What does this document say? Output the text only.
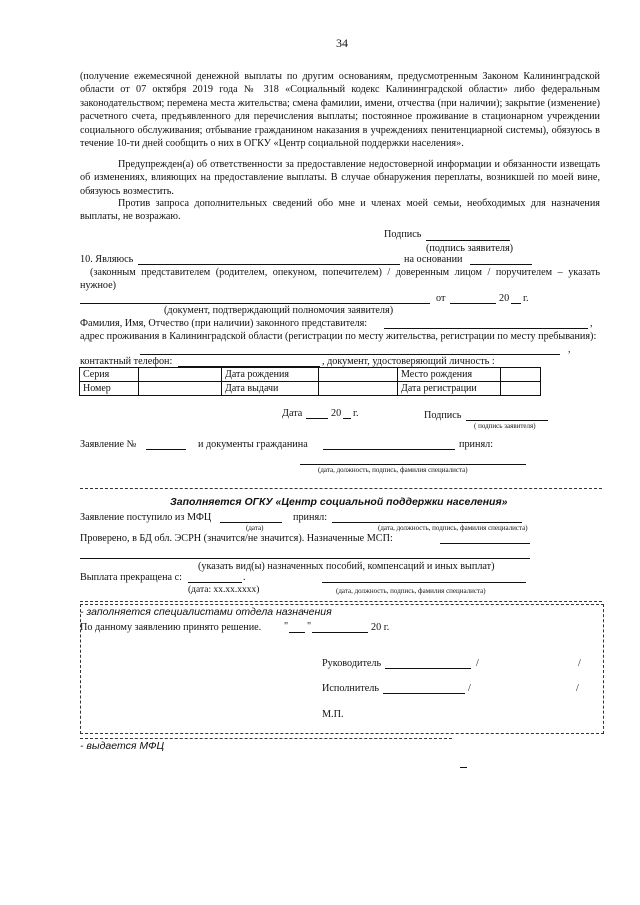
34
(получение ежемесячной денежной выплаты по другим основаниям, предусмотренным Законом Калининградской области от 07 октября 2019 года № 318 «Социальный кодекс Калининградской области» либо федеральным законодательством; перемена места жительства; смена фамилии, имени, отчества (при наличии); закрытие (изменение) расчетного счета, предъявленного для перечисления выплаты; постоянное проживание в стационарном учреждении социального обслуживания; отбывание гражданином наказания в учреждениях пенитенциарной системы), обязуюсь в течение 10-ти дней сообщить о них в ОГКУ «Центр социальной поддержки населения».
Предупрежден(а) об ответственности за предоставление недостоверной информации и обязанности извещать об изменениях, влияющих на предоставление выплаты. В случае обнаружения переплаты, возникшей по моей вине, обязуюсь возместить.
Против запроса дополнительных сведений обо мне и членах моей семьи, необходимых для назначения выплаты, не возражаю.
Подпись
(подпись заявителя)
10. Являюсь	на основании
(законным представителем (родителем, опекуном, попечителем) / доверенным лицом / поручителем – указать нужное)
от	20 г.
(документ, подтверждающий полномочия заявителя)
Фамилия, Имя, Отчество (при наличии) законного представителя:	,
адрес проживания в Калининградской области (регистрации по месту жительства, регистрации по месту пребывания):
,
контактный телефон:	, документ, удостоверяющий личность :
Серия		Дата рождения		Место рождения	
Номер		Дата выдачи		Дата регистрации	
Дата	20 г.	Подпись
( подпись заявителя)
Заявление №	и документы гражданина	принял:
(дата, должность, подпись, фамилия специалиста)
Заполняется ОГКУ «Центр социальной поддержки населения»
Заявление поступило из МФЦ	принял:
(дата)	(дата, должность, подпись, фамилия специалиста)
Проверено, в БД обл. ЭСРН (значится/не значится). Назначенные МСП:
(указать вид(ы) назначенных пособий, компенсаций и иных выплат)
Выплата прекращена с:	.
(дата: хх.хх.хххх)	(дата, должность, подпись, фамилия специалиста)
- заполняется специалистами отдела назначения
По данному заявлению принято решение. " "	20 г.
Руководитель	/	/
Исполнитель	/	/
М.П.
- выдается МФЦ
